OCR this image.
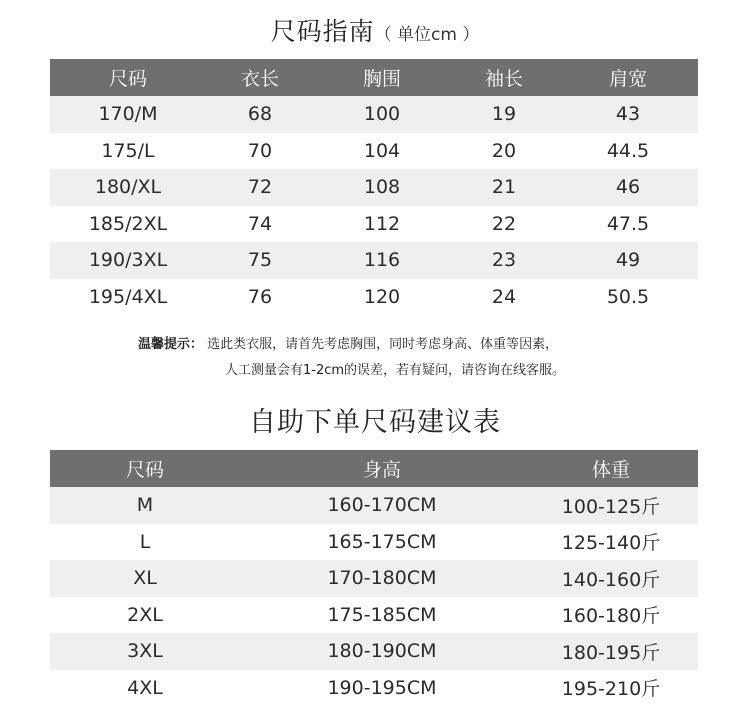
尺码指南（ 单位cm ）
尺码	衣长	胸围	袖长	肩宽
170/M	68	100	19	43
175/L	70	104	20	44.5
180/XL	72	108	21	46
185/2XL	74	112	22	47.5
190/3XL	75	116	23	49
195/4XL	76	120	24	50.5
温馨提示： 选此类衣服，请首先考虑胸围，同时考虑身高、体重等因素，
人工测量会有1-2cm的误差，若有疑问，请咨询在线客服。
自助下单尺码建议表
尺码	身高	体重
M	160-170CM	100-125斤
L	165-175CM	125-140斤
XL	170-180CM	140-160斤
2XL	175-185CM	160-180斤
3XL	180-190CM	180-195斤
4XL	190-195CM	195-210斤
